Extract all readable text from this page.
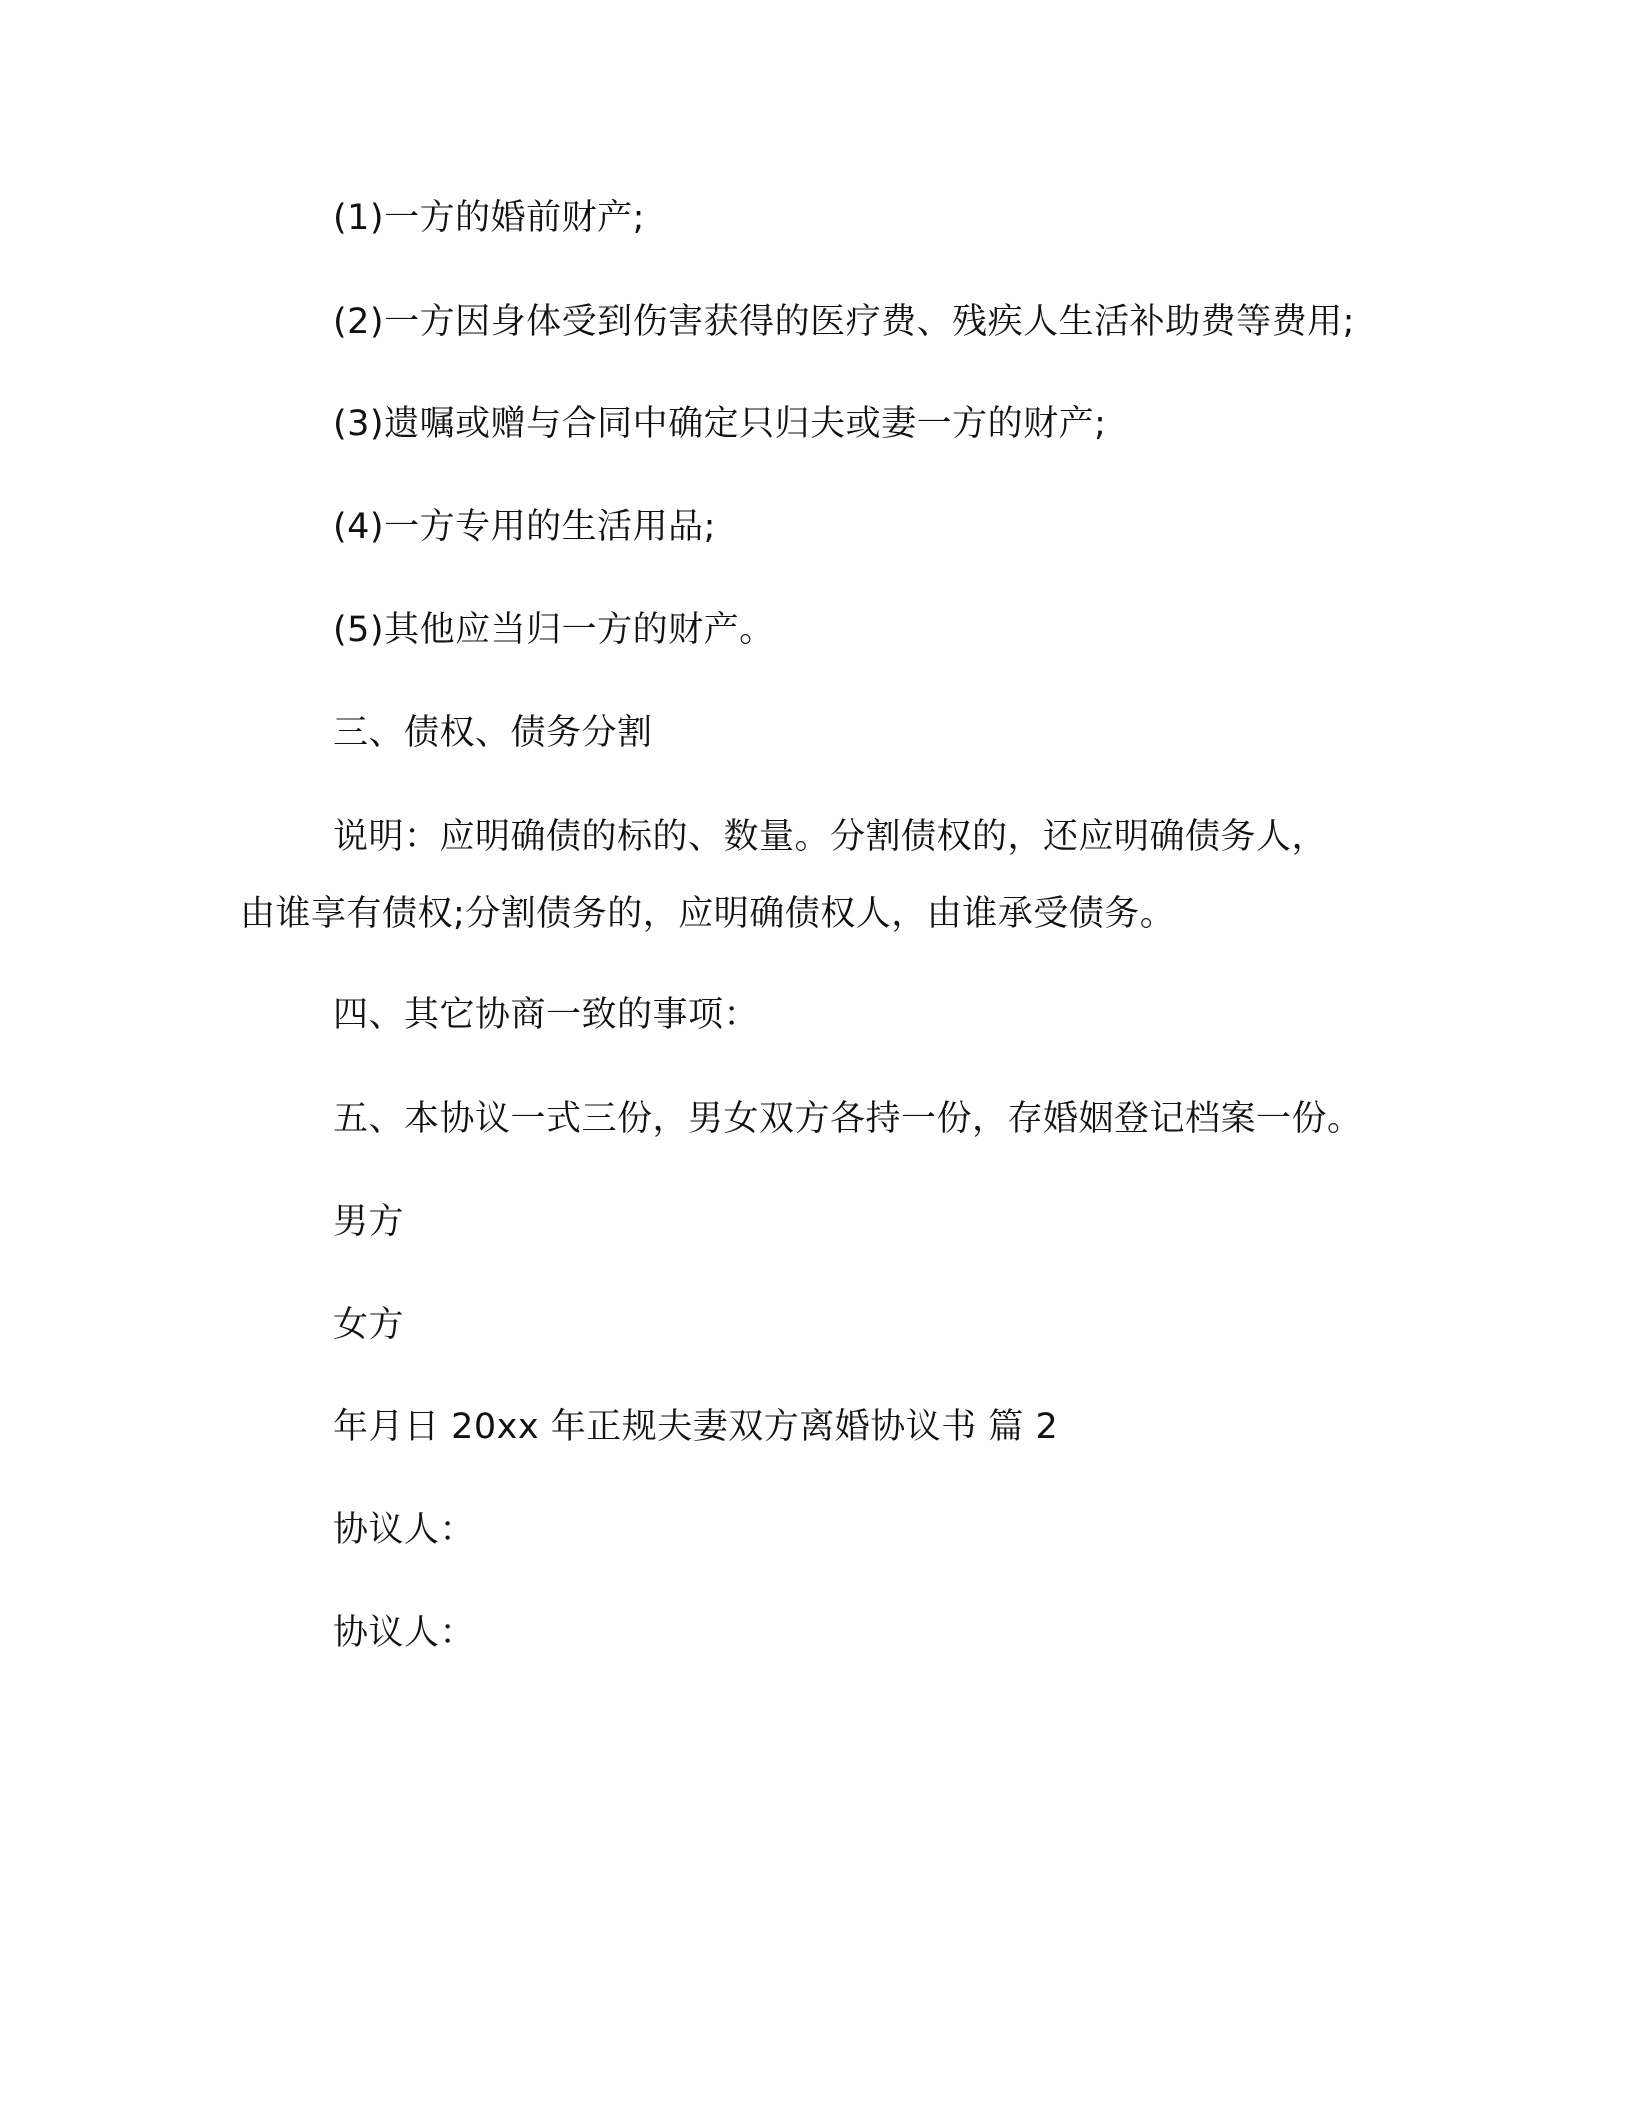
(1)一方的婚前财产;
(2)一方因身体受到伤害获得的医疗费、残疾人生活补助费等费用;
(3)遗嘱或赠与合同中确定只归夫或妻一方的财产;
(4)一方专用的生活用品;
(5)其他应当归一方的财产。
三、债权、债务分割
说明：应明确债的标的、数量。分割债权的，还应明确债务人，
由谁享有债权;分割债务的，应明确债权人，由谁承受债务。
四、其它协商一致的事项：
五、本协议一式三份，男女双方各持一份，存婚姻登记档案一份。
男方
女方
年月日 20xx 年正规夫妻双方离婚协议书 篇 2
协议人：
协议人：
